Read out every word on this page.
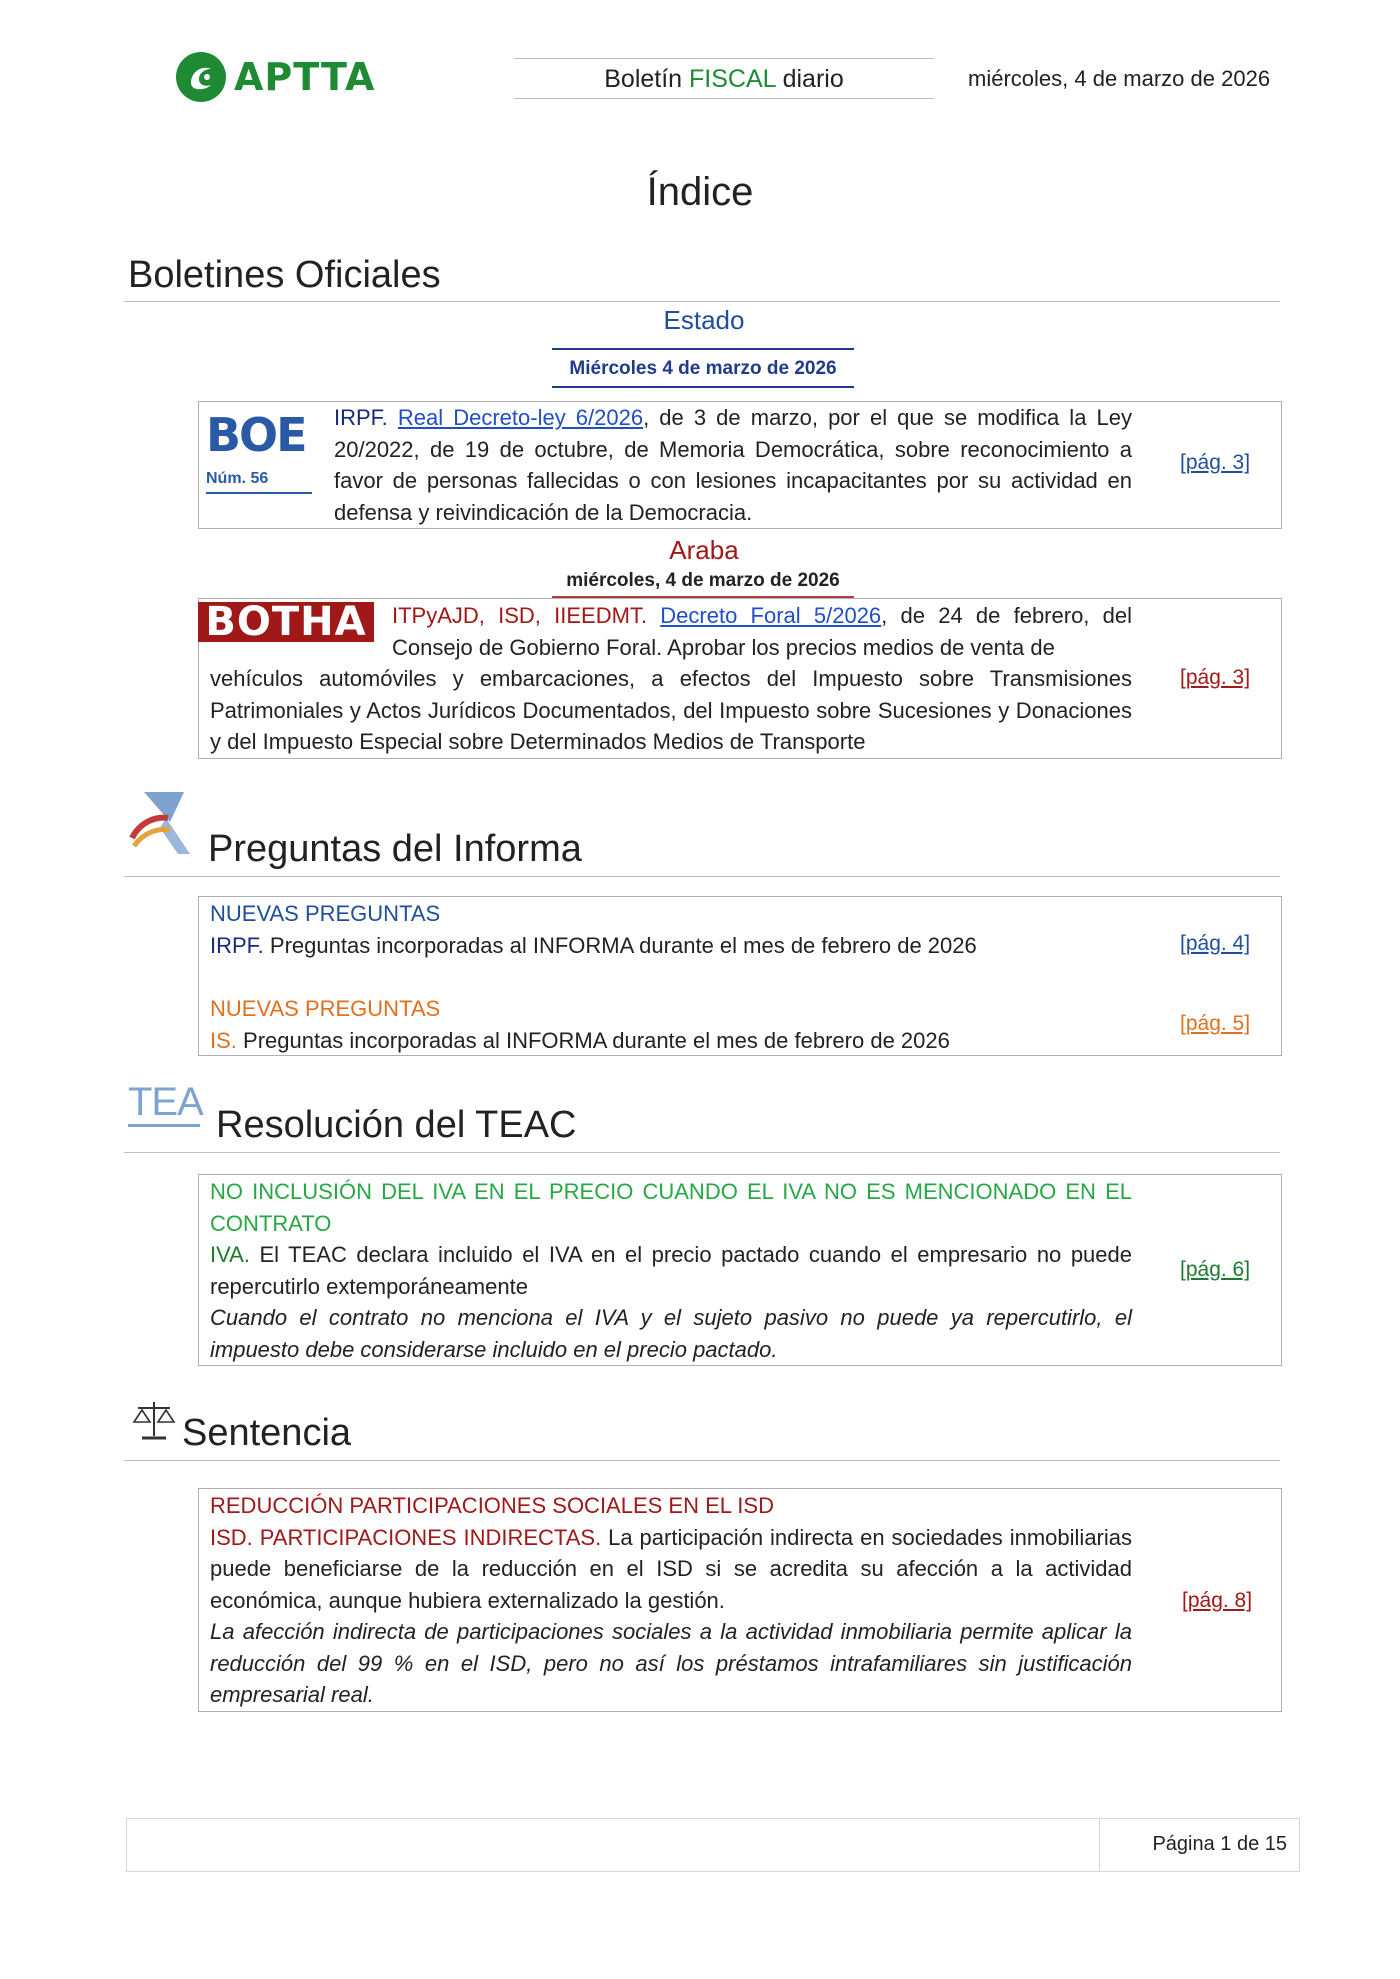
APTTA	Boletín FISCAL diario	miércoles, 4 de marzo de 2026
Índice
Boletines Oficiales
Estado
Miércoles 4 de marzo de 2026
BOE
Núm. 56
IRPF. Real Decreto-ley 6/2026, de 3 de marzo, por el que se modifica la Ley 20/2022, de 19 de octubre, de Memoria Democrática, sobre reconocimiento a favor de personas fallecidas o con lesiones incapacitantes por su actividad en defensa y reivindicación de la Democracia.
[pág. 3]
Araba
miércoles, 4 de marzo de 2026
BOTHA	ITPyAJD, ISD, IIEEDMT. Decreto Foral 5/2026, de 24 de febrero, del Consejo de Gobierno Foral. Aprobar los precios medios de venta de
vehículos automóviles y embarcaciones, a efectos del Impuesto sobre Transmisiones Patrimoniales y Actos Jurídicos Documentados, del Impuesto sobre Sucesiones y Donaciones y del Impuesto Especial sobre Determinados Medios de Transporte
[pág. 3]
Preguntas del Informa
NUEVAS PREGUNTAS
IRPF. Preguntas incorporadas al INFORMA durante el mes de febrero de 2026	[pág. 4]
NUEVAS PREGUNTAS
IS. Preguntas incorporadas al INFORMA durante el mes de febrero de 2026
[pág. 5]
TEA
Resolución del TEAC
NO INCLUSIÓN DEL IVA EN EL PRECIO CUANDO EL IVA NO ES MENCIONADO EN EL CONTRATO
IVA. El TEAC declara incluido el IVA en el precio pactado cuando el empresario no puede repercutirlo extemporáneamente
Cuando el contrato no menciona el IVA y el sujeto pasivo no puede ya repercutirlo, el impuesto debe considerarse incluido en el precio pactado.
[pág. 6]
Sentencia
REDUCCIÓN PARTICIPACIONES SOCIALES EN EL ISD
ISD. PARTICIPACIONES INDIRECTAS. La participación indirecta en sociedades inmobiliarias puede beneficiarse de la reducción en el ISD si se acredita su afección a la actividad económica, aunque hubiera externalizado la gestión.
La afección indirecta de participaciones sociales a la actividad inmobiliaria permite aplicar la reducción del 99 % en el ISD, pero no así los préstamos intrafamiliares sin justificación empresarial real.
[pág. 8]
Página 1 de 15
